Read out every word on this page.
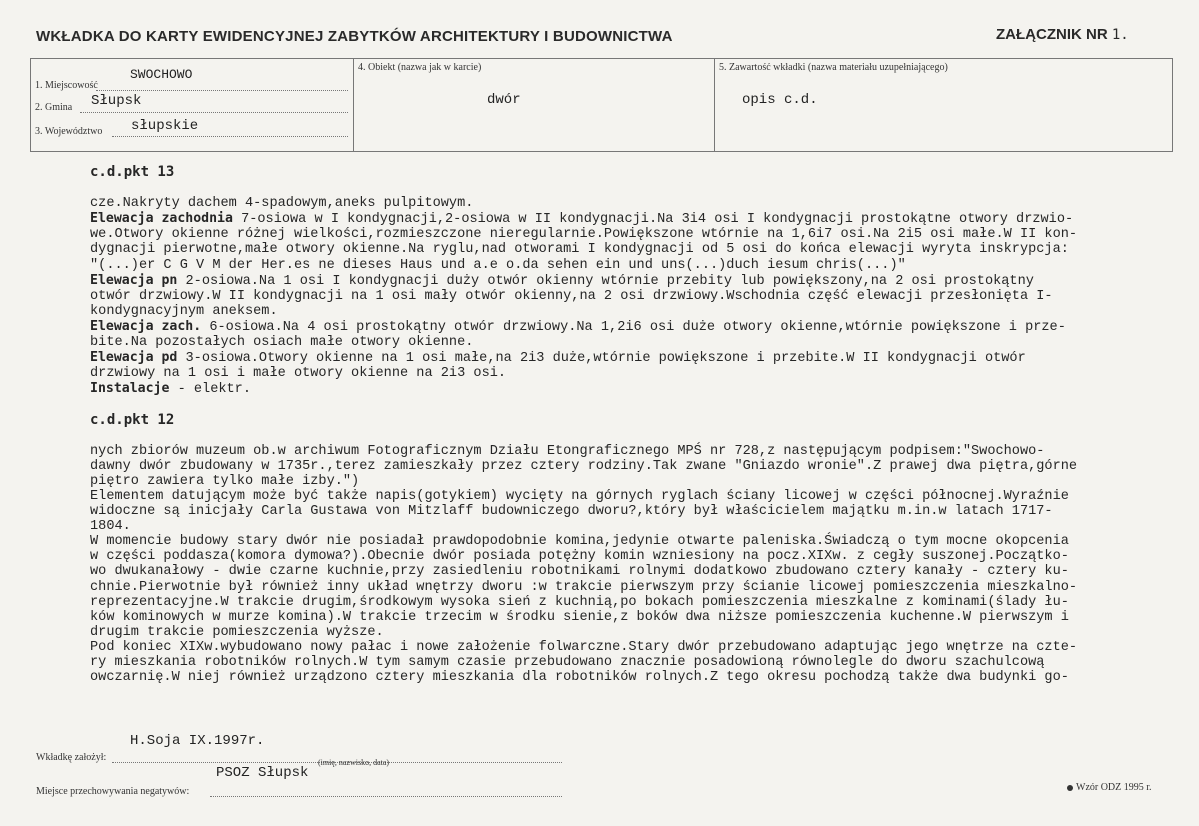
WKŁADKA DO KARTY EWIDENCYJNEJ ZABYTKÓW ARCHITEKTURY I BUDOWNICTWA	ZAŁĄCZNIK NR 1.
1. Miejscowość
SWOCHOWO
2. Gmina Słupsk
3. Województwo słupskie
4. Obiekt (nazwa jak w karcie)
dwór
5. Zawartość wkładki (nazwa materiału uzupełniającego)
opis c.d.
c.d.pkt 13

cze.Nakryty dachem 4-spadowym,aneks pulpitowym.
Elewacja zachodnia 7-osiowa w I kondygnacji,2-osiowa w II kondygnacji.Na 3i4 osi I kondygnacji prostokątne otwory drzwio-
we.Otwory okienne różnej wielkości,rozmieszczone nieregularnie.Powiększone wtórnie na 1,6i7 osi.Na 2i5 osi małe.W II kon-
dygnacji pierwotne,małe otwory okienne.Na ryglu,nad otworami I kondygnacji od 5 osi do końca elewacji wyryta inskrypcja:
"(...)er C G V M der Her.es ne dieses Haus und a.e o.da sehen ein und uns(...)duch iesum chris(...)"
Elewacja pn 2-osiowa.Na 1 osi I kondygnacji duży otwór okienny wtórnie przebity lub powiększony,na 2 osi prostokątny
otwór drzwiowy.W II kondygnacji na 1 osi mały otwór okienny,na 2 osi drzwiowy.Wschodnia część elewacji przesłonięta I-
kondygnacyjnym aneksem.
Elewacja zach. 6-osiowa.Na 4 osi prostokątny otwór drzwiowy.Na 1,2i6 osi duże otwory okienne,wtórnie powiększone i prze-
bite.Na pozostałych osiach małe otwory okienne.
Elewacja pd 3-osiowa.Otwory okienne na 1 osi małe,na 2i3 duże,wtórnie powiększone i przebite.W II kondygnacji otwór
drzwiowy na 1 osi i małe otwory okienne na 2i3 osi.
Instalacje - elektr.

c.d.pkt 12

nych zbiorów muzeum ob.w archiwum Fotograficznym Działu Etongraficznego MPŚ nr 728,z następującym podpisem:"Swochowo-
dawny dwór zbudowany w 1735r.,terez zamieszkały przez cztery rodziny.Tak zwane "Gniazdo wronie".Z prawej dwa piętra,górne
piętro zawiera tylko małe izby.")
Elementem datującym może być także napis(gotykiem) wycięty na górnych ryglach ściany licowej w części północnej.Wyraźnie
widoczne są inicjały Carla Gustawa von Mitzlaff budowniczego dworu?,który był właścicielem majątku m.in.w latach 1717-
1804.
W momencie budowy stary dwór nie posiadał prawdopodobnie komina,jedynie otwarte paleniska.Świadczą o tym mocne okopcenia
w części poddasza(komora dymowa?).Obecnie dwór posiada potężny komin wzniesiony na pocz.XIXw. z cegły suszonej.Początko-
wo dwukanałowy - dwie czarne kuchnie,przy zasiedleniu robotnikami rolnymi dodatkowo zbudowano cztery kanały - cztery ku-
chnie.Pierwotnie był również inny układ wnętrzy dworu :w trakcie pierwszym przy ścianie licowej pomieszczenia mieszkalno-
reprezentacyjne.W trakcie drugim,środkowym wysoka sień z kuchnią,po bokach pomieszczenia mieszkalne z kominami(ślady łu-
ków kominowych w murze komina).W trakcie trzecim w środku sienie,z boków dwa niższe pomieszczenia kuchenne.W pierwszym i
drugim trakcie pomieszczenia wyższe.
Pod koniec XIXw.wybudowano nowy pałac i nowe założenie folwarczne.Stary dwór przebudowano adaptując jego wnętrze na czte-
ry mieszkania robotników rolnych.W tym samym czasie przebudowano znacznie posadowioną równolegle do dworu szachulcową
owczarnię.W niej również urządzono cztery mieszkania dla robotników rolnych.Z tego okresu pochodzą także dwa budynki go-
Wkładkę założył:
H.Soja IX.1997r.
(imię, nazwisko, data)
PSOZ Słupsk
Miejsce przechowywania negatywów:	Wzór ODZ 1995 r.
